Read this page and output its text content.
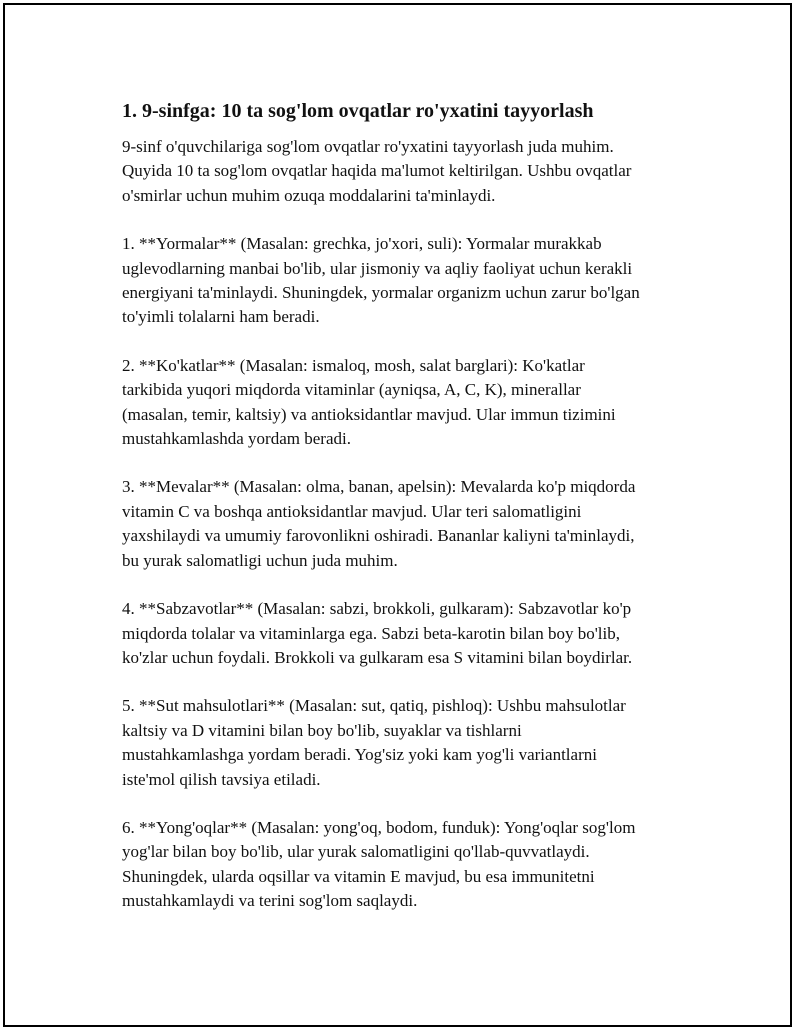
1. 9-sinfga: 10 ta sog'lom ovqatlar ro'yxatini tayyorlash

9-sinf o'quvchilariga sog'lom ovqatlar ro'yxatini tayyorlash juda muhim.
Quyida 10 ta sog'lom ovqatlar haqida ma'lumot keltirilgan. Ushbu ovqatlar
o'smirlar uchun muhim ozuqa moddalarini ta'minlaydi.

1. **Yormalar** (Masalan: grechka, jo'xori, suli): Yormalar murakkab
uglevodlarning manbai bo'lib, ular jismoniy va aqliy faoliyat uchun kerakli
energiyani ta'minlaydi. Shuningdek, yormalar organizm uchun zarur bo'lgan
to'yimli tolalarni ham beradi.

2. **Ko'katlar** (Masalan: ismaloq, mosh, salat barglari): Ko'katlar
tarkibida yuqori miqdorda vitaminlar (ayniqsa, A, C, K), minerallar
(masalan, temir, kaltsiy) va antioksidantlar mavjud. Ular immun tizimini
mustahkamlashda yordam beradi.

3. **Mevalar** (Masalan: olma, banan, apelsin): Mevalarda ko'p miqdorda
vitamin C va boshqa antioksidantlar mavjud. Ular teri salomatligini
yaxshilaydi va umumiy farovonlikni oshiradi. Bananlar kaliyni ta'minlaydi,
bu yurak salomatligi uchun juda muhim.

4. **Sabzavotlar** (Masalan: sabzi, brokkoli, gulkaram): Sabzavotlar ko'p
miqdorda tolalar va vitaminlarga ega. Sabzi beta-karotin bilan boy bo'lib,
ko'zlar uchun foydali. Brokkoli va gulkaram esa S vitamini bilan boydirlar.

5. **Sut mahsulotlari** (Masalan: sut, qatiq, pishloq): Ushbu mahsulotlar
kaltsiy va D vitamini bilan boy bo'lib, suyaklar va tishlarni
mustahkamlashga yordam beradi. Yog'siz yoki kam yog'li variantlarni
iste'mol qilish tavsiya etiladi.

6. **Yong'oqlar** (Masalan: yong'oq, bodom, funduk): Yong'oqlar sog'lom
yog'lar bilan boy bo'lib, ular yurak salomatligini qo'llab-quvvatlaydi.
Shuningdek, ularda oqsillar va vitamin E mavjud, bu esa immunitetni
mustahkamlaydi va terini sog'lom saqlaydi.
